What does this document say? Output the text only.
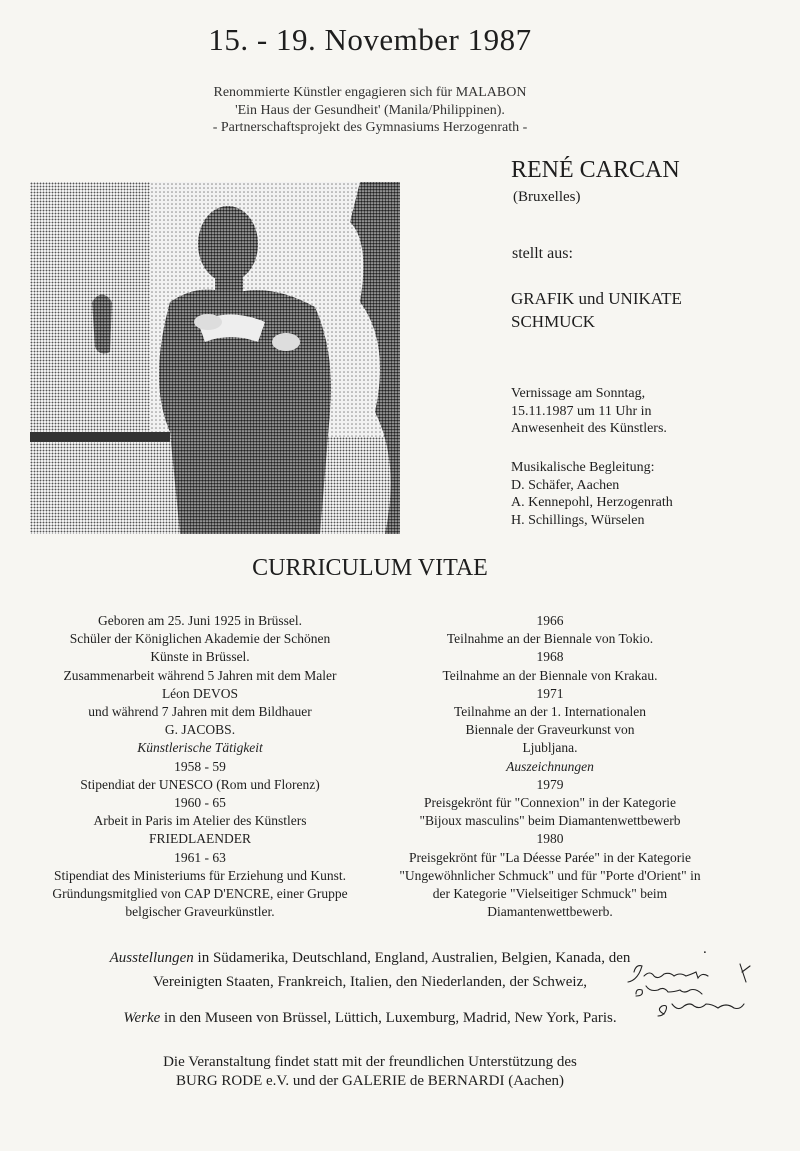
15. - 19. November 1987
Renommierte Künstler engagieren sich für MALABON
'Ein Haus der Gesundheit' (Manila/Philippinen).
- Partnerschaftsprojekt des Gymnasiums Herzogenrath -
RENÉ CARCAN
(Bruxelles)
stellt aus:
GRAFIK und UNIKATE
SCHMUCK
Vernissage am Sonntag,
15.11.1987 um 11 Uhr in
Anwesenheit des Künstlers.
Musikalische Begleitung:
D. Schäfer, Aachen
A. Kennepohl, Herzogenrath
H. Schillings, Würselen
CURRICULUM VITAE
Geboren am 25. Juni 1925 in Brüssel.
Schüler der Königlichen Akademie der Schönen
Künste in Brüssel.
Zusammenarbeit während 5 Jahren mit dem Maler
Léon DEVOS
und während 7 Jahren mit dem Bildhauer
G. JACOBS.
Künstlerische Tätigkeit
1958 - 59
Stipendiat der UNESCO (Rom und Florenz)
1960 - 65
Arbeit in Paris im Atelier des Künstlers
FRIEDLAENDER
1961 - 63
Stipendiat des Ministeriums für Erziehung und Kunst.
Gründungsmitglied von CAP D'ENCRE, einer Gruppe
belgischer Graveurkünstler.
1966
Teilnahme an der Biennale von Tokio.
1968
Teilnahme an der Biennale von Krakau.
1971
Teilnahme an der 1. Internationalen
Biennale der Graveurkunst von
Ljubljana.
Auszeichnungen
1979
Preisgekrönt für "Connexion" in der Kategorie
"Bijoux masculins" beim Diamantenwettbewerb
1980
Preisgekrönt für "La Déesse Parée" in der Kategorie
"Ungewöhnlicher Schmuck" und für "Porte d'Orient" in
der Kategorie "Vielseitiger Schmuck" beim
Diamantenwettbewerb.
Ausstellungen in Südamerika, Deutschland, England, Australien, Belgien, Kanada, den
Vereinigten Staaten, Frankreich, Italien, den Niederlanden, der Schweiz,
.
Werke in den Museen von Brüssel, Lüttich, Luxemburg, Madrid, New York, Paris.
Die Veranstaltung findet statt mit der freundlichen Unterstützung des
BURG RODE e.V. und der GALERIE de BERNARDI (Aachen)
